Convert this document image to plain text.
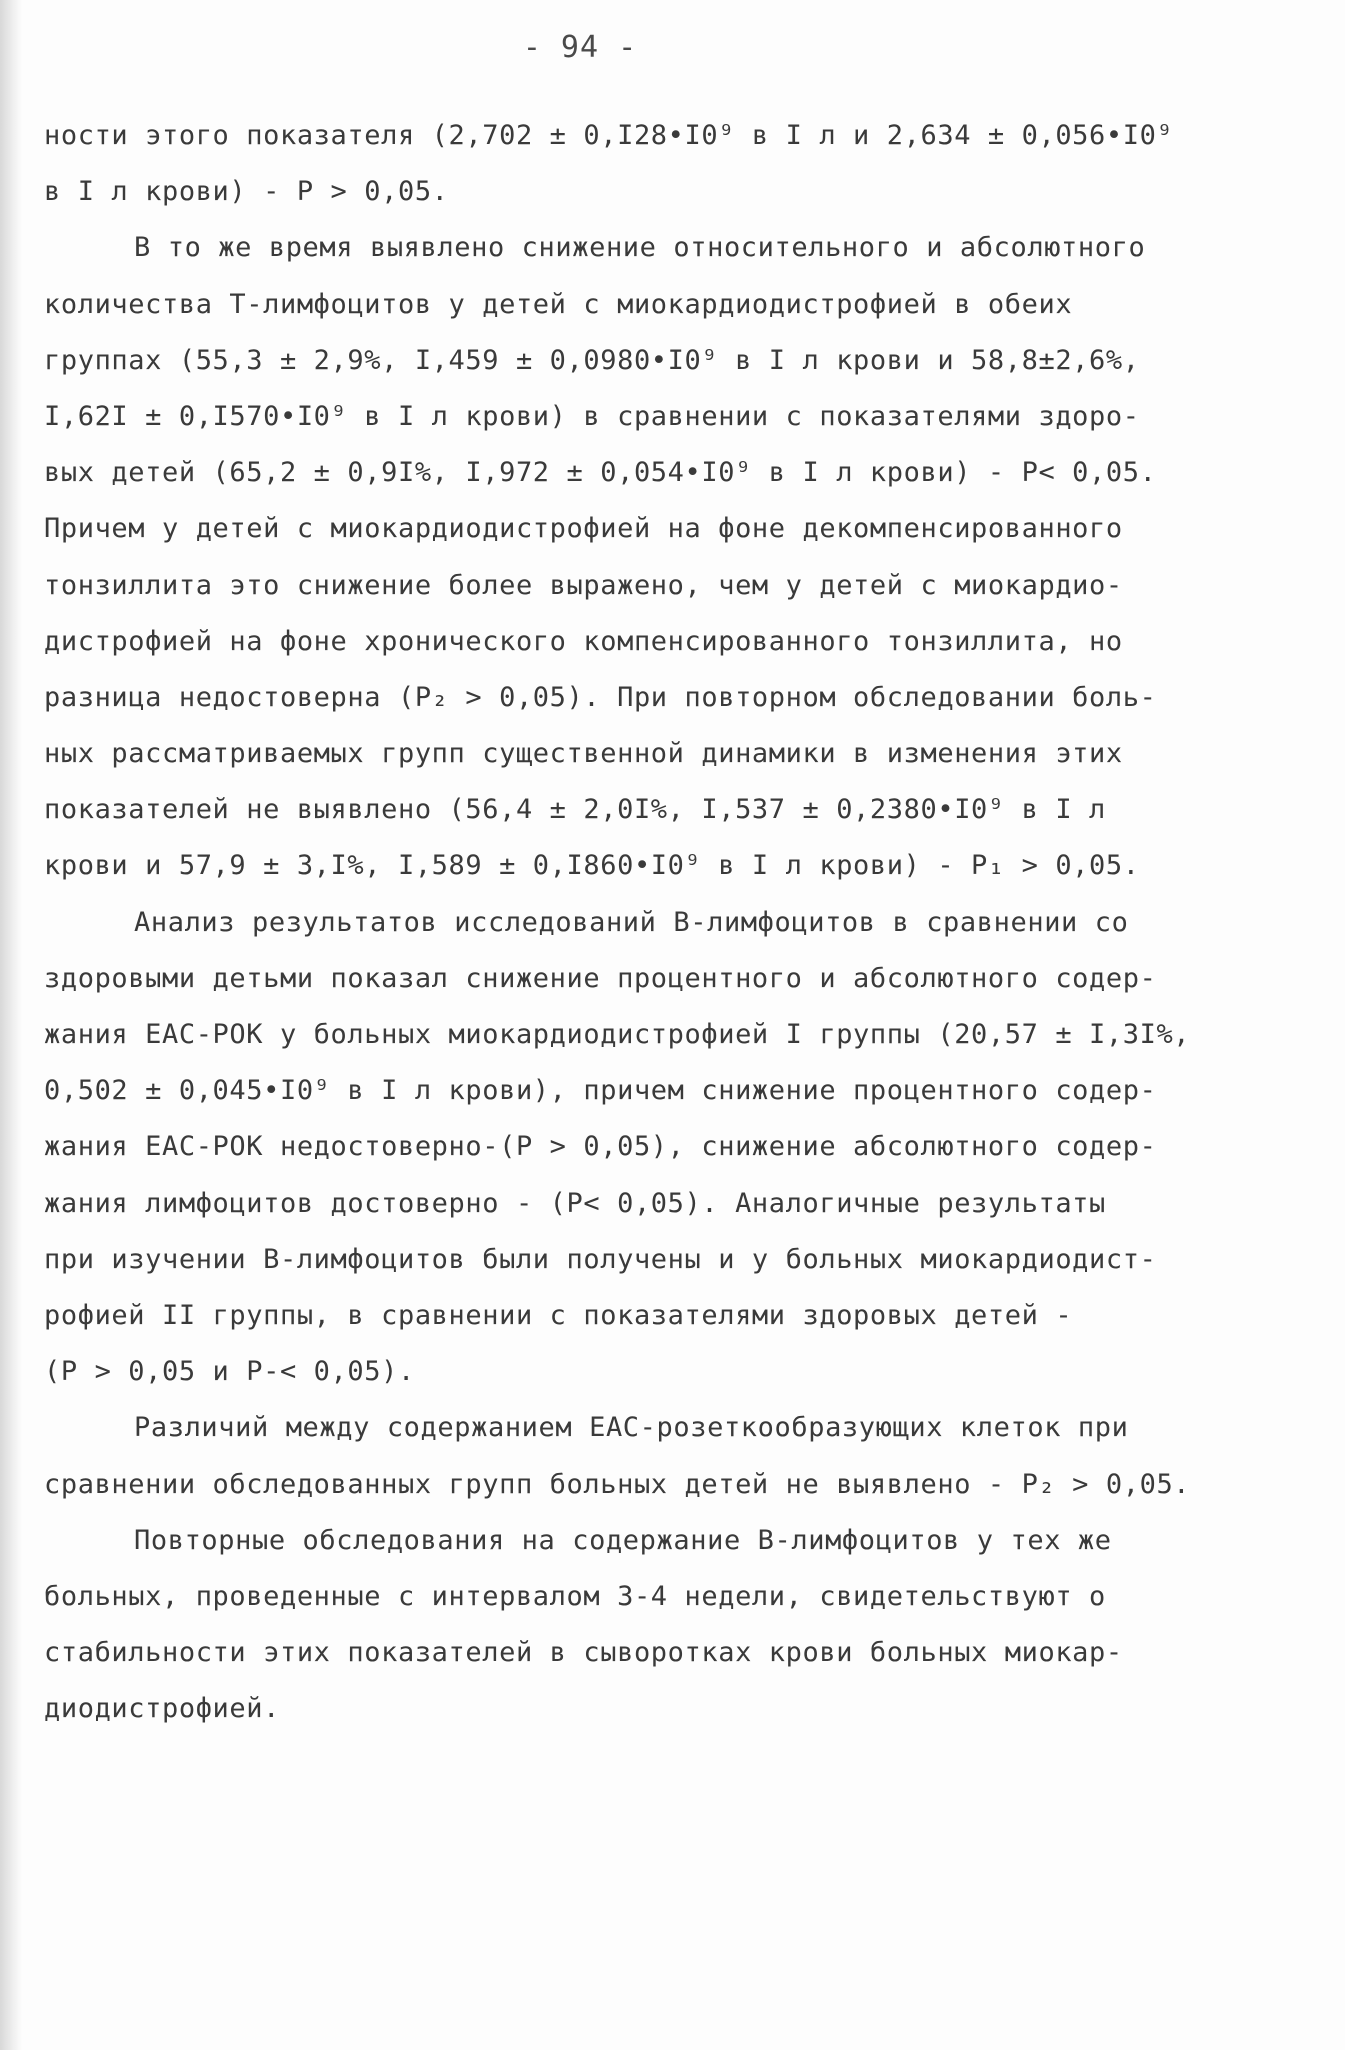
- 94 -
ности этого показателя (2,702 ± 0,I28•I0⁹ в I л и 2,634 ± 0,056•I0⁹
в I л крови) - P > 0,05.
В то же время выявлено снижение относительного и абсолютного
количества Т-лимфоцитов у детей с миокардиодистрофией в обеих
группах (55,3 ± 2,9%, I,459 ± 0,0980•I0⁹ в I л крови и 58,8±2,6%,
I,62I ± 0,I570•I0⁹ в I л крови) в сравнении с показателями здоро-
вых детей (65,2 ± 0,9I%, I,972 ± 0,054•I0⁹ в I л крови) - P< 0,05.
Причем у детей с миокардиодистрофией на фоне декомпенсированного
тонзиллита это снижение более выражено, чем у детей с миокардио-
дистрофией на фоне хронического компенсированного тонзиллита, но
разница недостоверна (P₂ > 0,05). При повторном обследовании боль-
ных рассматриваемых групп существенной динамики в изменения этих
показателей не выявлено (56,4 ± 2,0I%, I,537 ± 0,2380•I0⁹ в I л
крови и 57,9 ± 3,I%, I,589 ± 0,I860•I0⁹ в I л крови) - P₁ > 0,05.
Анализ результатов исследований В-лимфоцитов в сравнении со
здоровыми детьми показал снижение процентного и абсолютного содер-
жания ЕАС-РОК у больных миокардиодистрофией I группы (20,57 ± I,3I%,
0,502 ± 0,045•I0⁹ в I л крови), причем снижение процентного содер-
жания ЕАС-РОК недостоверно-(P > 0,05), снижение абсолютного содер-
жания лимфоцитов достоверно - (P< 0,05). Аналогичные результаты
при изучении В-лимфоцитов были получены и у больных миокардиодист-
рофией II группы, в сравнении с показателями здоровых детей -
(P > 0,05 и P-< 0,05).
Различий между содержанием ЕАС-розеткообразующих клеток при
сравнении обследованных групп больных детей не выявлено - P₂ > 0,05.
Повторные обследования на содержание В-лимфоцитов у тех же
больных, проведенные с интервалом 3-4 недели, свидетельствуют о
стабильности этих показателей в сыворотках крови больных миокар-
диодистрофией.
